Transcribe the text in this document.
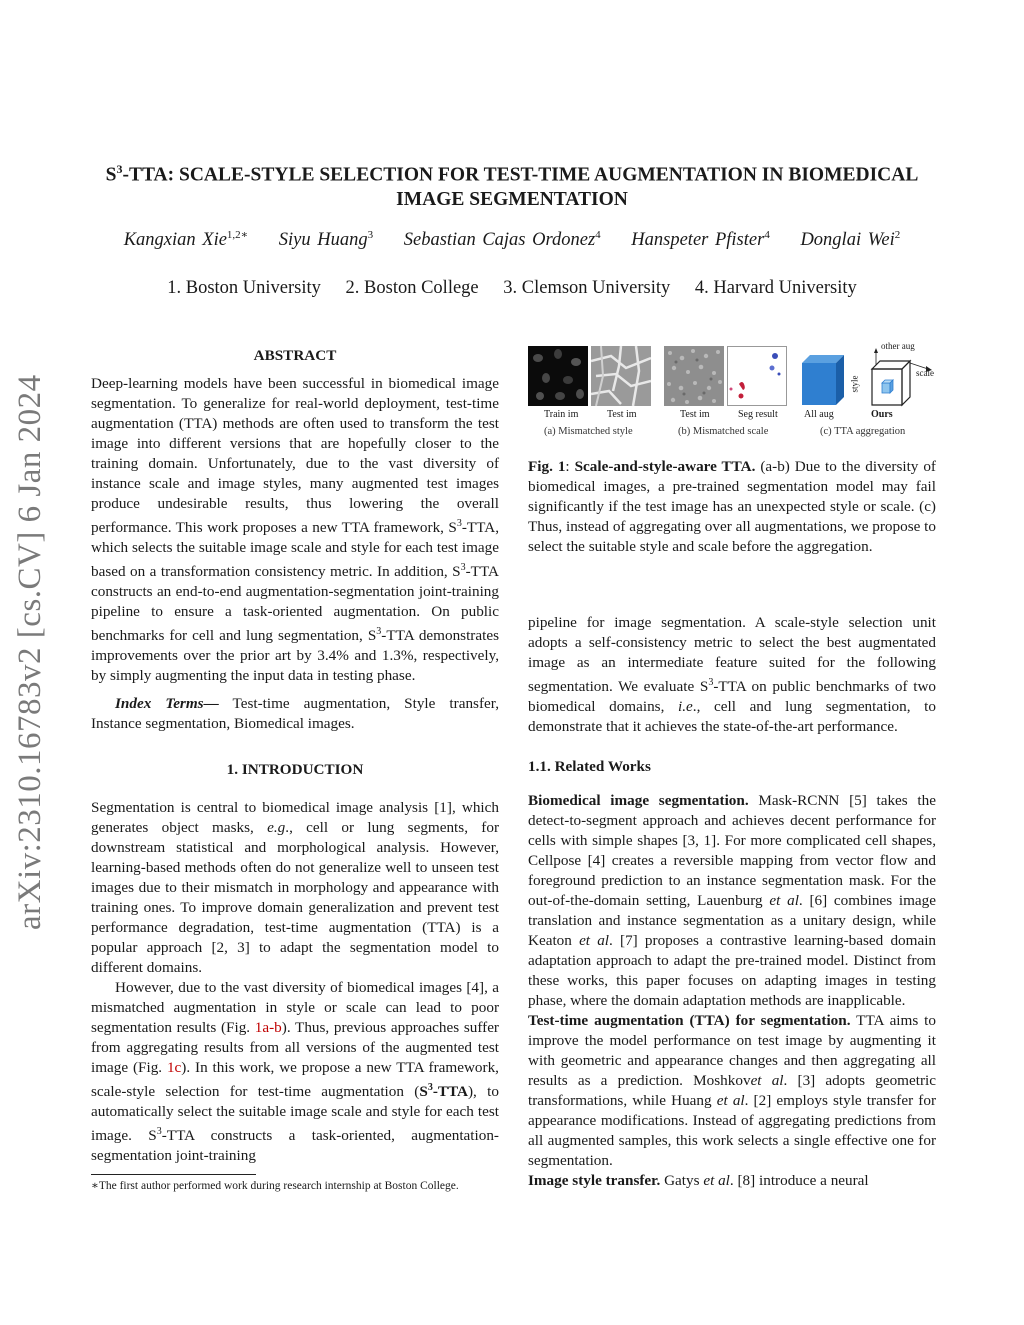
arXiv:2310.16783v2 [cs.CV] 6 Jan 2024
$S^3$-TTA: SCALE-STYLE SELECTION FOR TEST-TIME AUGMENTATION IN BIOMEDICAL
IMAGE SEGMENTATION
Kangxian Xie$^{1,2∗}$ Siyu Huang$^3$ Sebastian Cajas Ordonez$^4$ Hanspeter Pfister$^4$ Donglai Wei$^2$
1. Boston University 2. Boston College 3. Clemson University 4. Harvard University

ABSTRACT

Deep-learning models have been successful in biomedical image segmentation. To generalize for real-world deployment, test-time augmentation (TTA) methods are often used to transform the test image into different versions that are hopefully closer to the training domain. Unfortunately, due to the vast diversity of instance scale and image styles, many augmented test images produce undesirable results, thus lowering the overall performance. This work proposes a new TTA framework, $S^3$-TTA, which selects the suitable image scale and style for each test image based on a transformation consistency metric. In addition, $S^3$-TTA constructs an end-to-end augmentation-segmentation joint-training pipeline to ensure a task-oriented augmentation. On public benchmarks for cell and lung segmentation, $S^3$-TTA demonstrates improvements over the prior art by 3.4% and 1.3%, respectively, by simply augmenting the input data in testing phase.

Index Terms— Test-time augmentation, Style transfer, Instance segmentation, Biomedical images.

1. INTRODUCTION

Segmentation is central to biomedical image analysis [1], which generates object masks, e.g., cell or lung segments, for downstream statistical and morphological analysis. However, learning-based methods often do not generalize well to unseen test images due to their mismatch in morphology and appearance with training ones. To improve domain generalization and prevent test performance degradation, test-time augmentation (TTA) is a popular approach [2, 3] to adapt the segmentation model to different domains.

However, due to the vast diversity of biomedical images [4], a mismatched augmentation in style or scale can lead to poor segmentation results (Fig. 1a-b). Thus, previous approaches suffer from aggregating results from all versions of the augmented test image (Fig. 1c). In this work, we propose a new TTA framework, scale-style selection for test-time augmentation $(S^3-TTA)$, to automatically select the suitable image scale and style for each test image. $S^3$-TTA constructs a task-oriented, augmentation-segmentation joint-training

∗The first author performed work during research internship at Boston College.

other aug
scale
style
Train im	Test im	Test im	Seg result	All aug	Ours
(a) Mismatched style	(b) Mismatched scale	(c) TTA aggregation

Fig. 1: Scale-and-style-aware TTA. (a-b) Due to the diversity of biomedical images, a pre-trained segmentation model may fail significantly if the test image has an unexpected style or scale. (c) Thus, instead of aggregating over all augmentations, we propose to select the suitable style and scale before the aggregation.

pipeline for image segmentation. A scale-style selection unit adopts a self-consistency metric to select the best augmentated image as an intermediate feature suited for the following segmentation. We evaluate $S^3$-TTA on public benchmarks of two biomedical domains, i.e., cell and lung segmentation, to demonstrate that it achieves the state-of-the-art performance.

1.1. Related Works

Biomedical image segmentation. Mask-RCNN [5] takes the detect-to-segment approach and achieves decent performance for cells with simple shapes [3, 1]. For more complicated cell shapes, Cellpose [4] creates a reversible mapping from vector flow and foreground prediction to an instance segmentation mask. For the out-of-the-domain setting, Lauenburg et al. [6] combines image translation and instance segmentation as a unitary design, while Keaton et al. [7] proposes a contrastive learning-based domain adaptation approach to adapt the pre-trained model. Distinct from these works, this paper focuses on adapting images in testing phase, where the domain adaptation methods are inapplicable.

Test-time augmentation (TTA) for segmentation. TTA aims to improve the model performance on test image by augmenting it with geometric and appearance changes and then aggregating all results as a prediction. Moshkovet al. [3] adopts geometric transformations, while Huang et al. [2] employs style transfer for appearance modifications. Instead of aggregating predictions from all augmented samples, this work selects a single effective one for segmentation.

Image style transfer. Gatys et al. [8] introduce a neural
